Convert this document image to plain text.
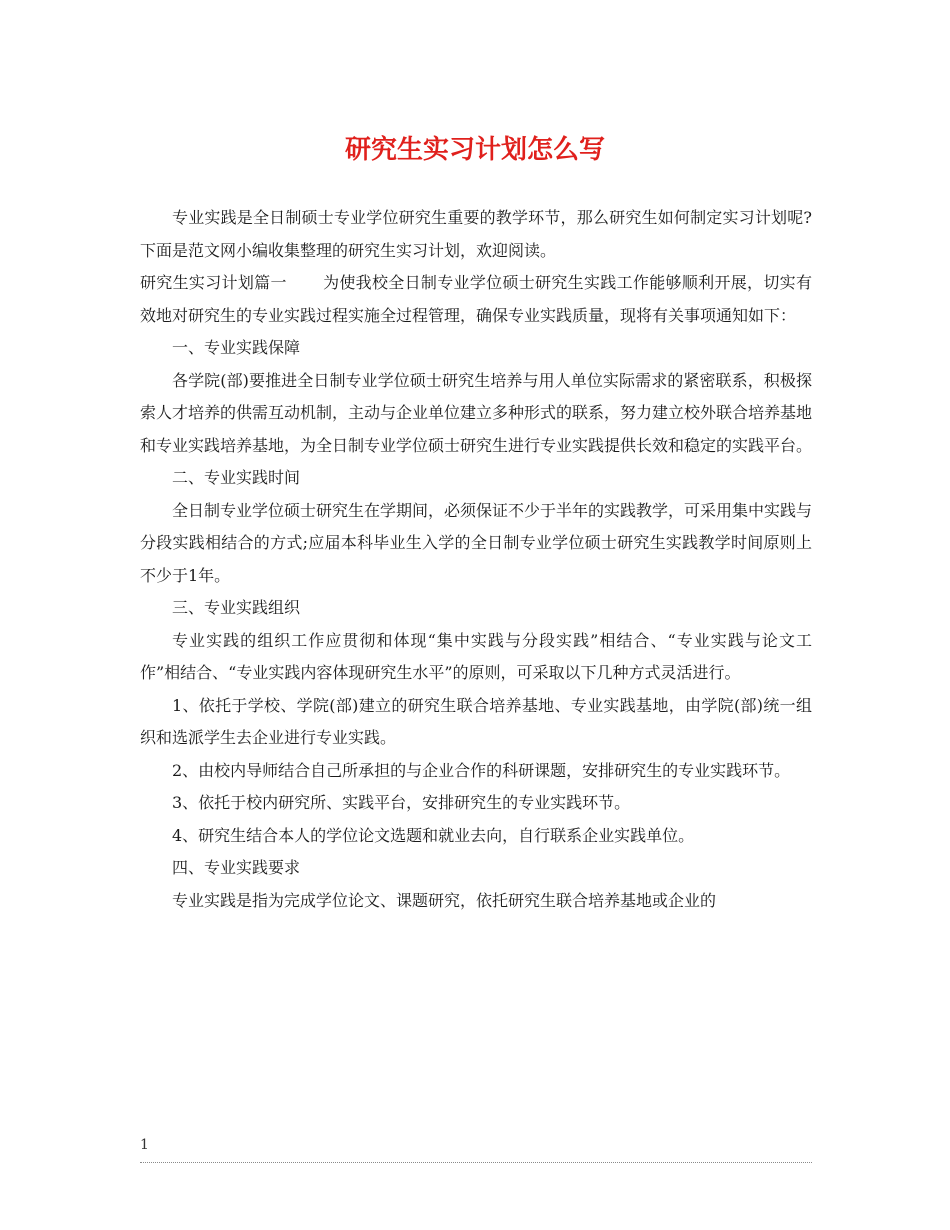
研究生实习计划怎么写

专业实践是全日制硕士专业学位研究生重要的教学环节，那么研究生如何制定实习计划呢?下面是范文网小编收集整理的研究生实习计划，欢迎阅读。

研究生实习计划篇一 为使我校全日制专业学位硕士研究生实践工作能够顺利开展，切实有效地对研究生的专业实践过程实施全过程管理，确保专业实践质量，现将有关事项通知如下：

一、专业实践保障

各学院(部)要推进全日制专业学位硕士研究生培养与用人单位实际需求的紧密联系，积极探索人才培养的供需互动机制，主动与企业单位建立多种形式的联系，努力建立校外联合培养基地和专业实践培养基地，为全日制专业学位硕士研究生进行专业实践提供长效和稳定的实践平台。

二、专业实践时间

全日制专业学位硕士研究生在学期间，必须保证不少于半年的实践教学，可采用集中实践与分段实践相结合的方式;应届本科毕业生入学的全日制专业学位硕士研究生实践教学时间原则上不少于1年。

三、专业实践组织

专业实践的组织工作应贯彻和体现“集中实践与分段实践”相结合、“专业实践与论文工作”相结合、“专业实践内容体现研究生水平”的原则，可采取以下几种方式灵活进行。

1、依托于学校、学院(部)建立的研究生联合培养基地、专业实践基地，由学院(部)统一组织和选派学生去企业进行专业实践。

2、由校内导师结合自己所承担的与企业合作的科研课题，安排研究生的专业实践环节。

3、依托于校内研究所、实践平台，安排研究生的专业实践环节。

4、研究生结合本人的学位论文选题和就业去向，自行联系企业实践单位。

四、专业实践要求

专业实践是指为完成学位论文、课题研究，依托研究生联合培养基地或企业的

1
